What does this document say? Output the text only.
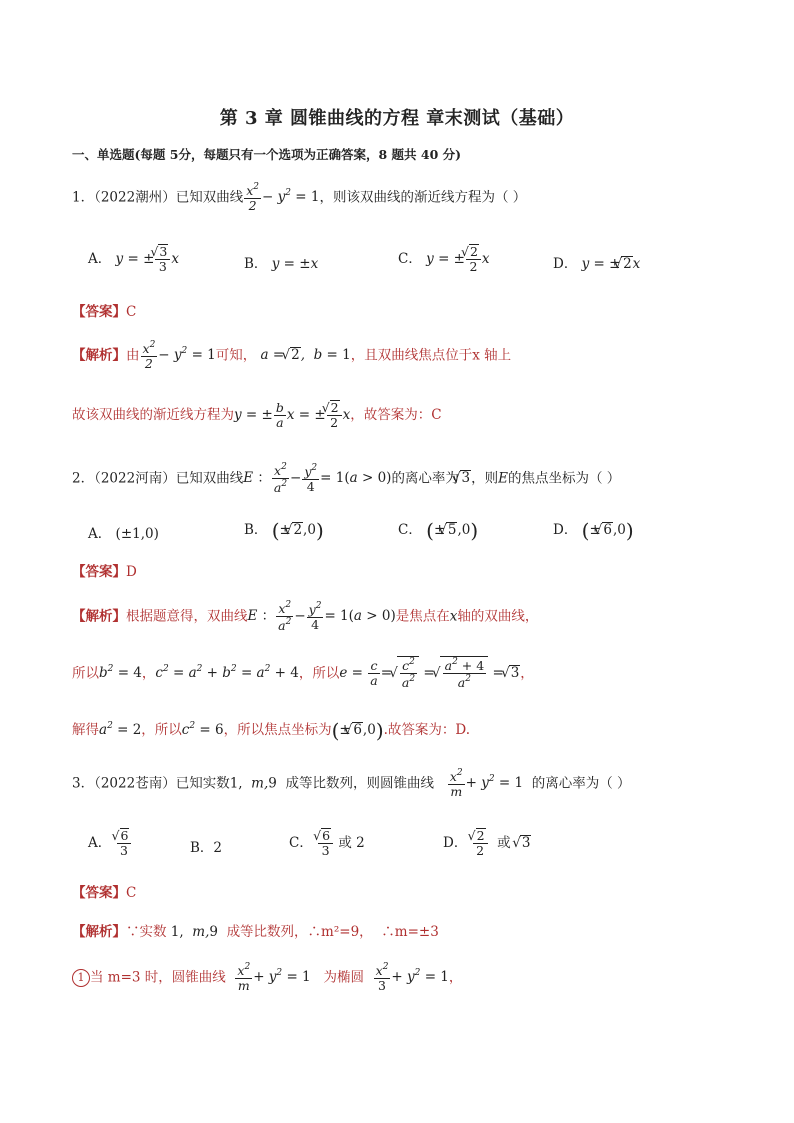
第 3 章 圆锥曲线的方程 章末测试（基础）
一、单选题(每题 5分，每题只有一个选项为正确答案，8 题共 40 分)
1．（2022潮州）已知双曲线 $\frac{x^2}{2} - y^2 = 1$，则该双曲线的渐近线方程为（ ）
A． y = ± √ $\frac{3}{3}$ x	B． y = ±x	C． y = ± √ $\frac{2}{2}$ x	D． y = ± √ 2x
【答案】C
【解析】由 $\frac{x^2}{2} - y^2 = 1$可知， a = √ 2,  b = 1，且双曲线焦点位于x 轴上
故该双曲线的渐近线方程为y = ± $\frac{b}{a}$ x = ± √ $\frac{2}{2}$ x，故答案为：C
2．（2022河南）已知双曲线E ： $\frac{x^2}{a^2} - \frac{y^2}{4} = 1(a > 0)$的离心率为 √ 3，则E的焦点坐标为（ ）
A． (±1,0)	B． (± √ 2,0)	C． (± √ 5,0)	D． (± √ 6,0)
【答案】D
【解析】根据题意得，双曲线E ： $\frac{x^2}{a^2} - \frac{y^2}{4} = 1(a > 0)$是焦点在x轴的双曲线，
所以$b^2 = 4$，$c^2 = a^2 + b^2 = a^2 + 4$，所以$e = \frac{c}{a}$ = √ $\frac{c^2}{a^2}$ = √ $\frac{a^2 + 4}{a^2}$ = √ 3，
解得$a^2 = 2$，所以$c^2 = 6$，所以焦点坐标为(± √ 6,0).故答案为：D.
3．（2022苍南）已知实数1,  m,9 成等比数列，则圆锥曲线 $\frac{x^2}{m} + y^2 = 1$ 的离心率为（ ）
A． √ $\frac{6}{3}$	B．2	C． √ $\frac{6}{3}$ 或 2	D． √ $\frac{2}{2}$ 或 √ 3
【答案】C
【解析】∵实数 1,  m,9 成等比数列，∴m²=9， ∴m=±3
1 当 m=3 时，圆锥曲线 $\frac{x^2}{m} + y^2 = 1$ 为椭圆 $\frac{x^2}{3} + y^2 = 1$，
